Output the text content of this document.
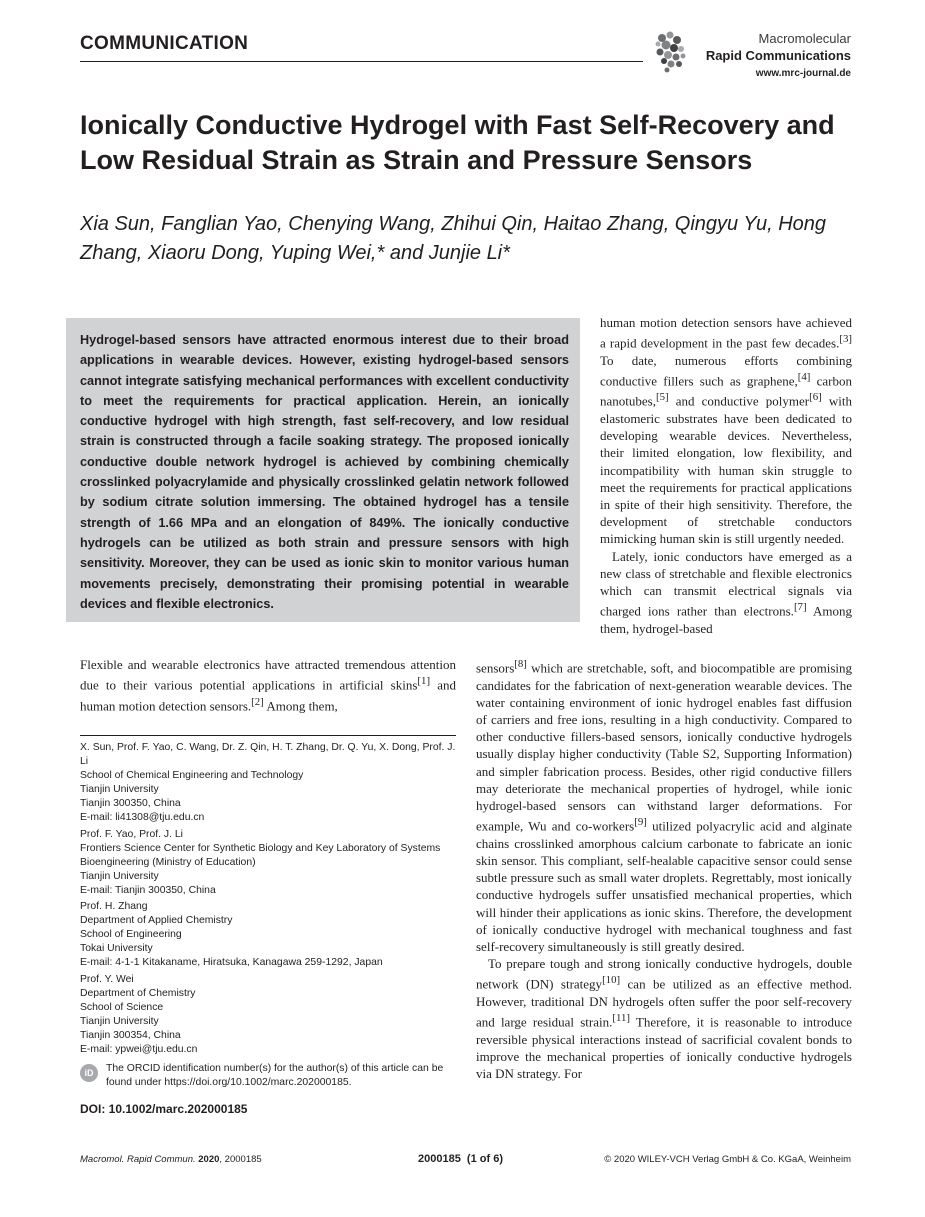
COMMUNICATION	Macromolecular
Rapid Communications
www.mrc-journal.de
Ionically Conductive Hydrogel with Fast Self-Recovery and Low Residual Strain as Strain and Pressure Sensors
Xia Sun, Fanglian Yao, Chenying Wang, Zhihui Qin, Haitao Zhang, Qingyu Yu, Hong Zhang, Xiaoru Dong, Yuping Wei,* and Junjie Li*
Hydrogel-based sensors have attracted enormous interest due to their broad applications in wearable devices. However, existing hydrogel-based sensors cannot integrate satisfying mechanical performances with excellent conductivity to meet the requirements for practical application. Herein, an ionically conductive hydrogel with high strength, fast self-recovery, and low residual strain is constructed through a facile soaking strategy. The proposed ionically conductive double network hydrogel is achieved by combining chemically crosslinked polyacrylamide and physically crosslinked gelatin network followed by sodium citrate solution immersing. The obtained hydrogel has a tensile strength of 1.66 MPa and an elongation of 849%. The ionically conductive hydrogels can be utilized as both strain and pressure sensors with high sensitivity. Moreover, they can be used as ionic skin to monitor various human movements precisely, demonstrating their promising potential in wearable devices and flexible electronics.

human motion detection sensors have achieved a rapid development in the past few decades.[3] To date, numerous efforts combining conductive fillers such as graphene,[4] carbon nanotubes,[5] and conductive polymer[6] with elastomeric substrates have been dedicated to developing wearable devices. Nevertheless, their limited elongation, low flexibility, and incompatibility with human skin struggle to meet the requirements for practical applications in spite of their high sensitivity. Therefore, the development of stretchable conductors mimicking human skin is still urgently needed.

Lately, ionic conductors have emerged as a new class of stretchable and flexible electronics which can transmit electrical signals via charged ions rather than electrons.[7] Among them, hydrogel-based

Flexible and wearable electronics have attracted tremendous attention due to their various potential applications in artificial skins[1] and human motion detection sensors.[2] Among them,

sensors[8] which are stretchable, soft, and biocompatible are promising candidates for the fabrication of next-generation wearable devices. The water containing environment of ionic hydrogel enables fast diffusion of carriers and free ions, resulting in a high conductivity. Compared to other conductive fillers-based sensors, ionically conductive hydrogels usually display higher conductivity (Table S2, Supporting Information) and simpler fabrication process. Besides, other rigid conductive fillers may deteriorate the mechanical properties of hydrogel, while ionic hydrogel-based sensors can withstand larger deformations. For example, Wu and co-workers[9] utilized polyacrylic acid and alginate chains crosslinked amorphous calcium carbonate to fabricate an ionic skin sensor. This compliant, self-healable capacitive sensor could sense subtle pressure such as small water droplets. Regrettably, most ionically conductive hydrogels suffer unsatisfied mechanical properties, which will hinder their applications as ionic skins. Therefore, the development of ionically conductive hydrogel with mechanical toughness and fast self-recovery simultaneously is still greatly desired.

To prepare tough and strong ionically conductive hydrogels, double network (DN) strategy[10] can be utilized as an effective method. However, traditional DN hydrogels often suffer the poor self-recovery and large residual strain.[11] Therefore, it is reasonable to introduce reversible physical interactions instead of sacrificial covalent bonds to improve the mechanical properties of ionically conductive hydrogels via DN strategy. For

X. Sun, Prof. F. Yao, C. Wang, Dr. Z. Qin, H. T. Zhang, Dr. Q. Yu, X. Dong, Prof. J. Li
School of Chemical Engineering and Technology
Tianjin University
Tianjin 300350, China
E-mail: li41308@tju.edu.cn
Prof. F. Yao, Prof. J. Li
Frontiers Science Center for Synthetic Biology and Key Laboratory of Systems Bioengineering (Ministry of Education)
Tianjin University
E-mail: Tianjin 300350, China
Prof. H. Zhang
Department of Applied Chemistry
School of Engineering
Tokai University
E-mail: 4-1-1 Kitakaname, Hiratsuka, Kanagawa 259-1292, Japan
Prof. Y. Wei
Department of Chemistry
School of Science
Tianjin University
Tianjin 300354, China
E-mail: ypwei@tju.edu.cn
iD	The ORCID identification number(s) for the author(s) of this article can be found under https://doi.org/10.1002/marc.202000185.
DOI: 10.1002/marc.202000185
Macromol. Rapid Commun. 2020, 2000185	2000185  (1 of 6)	© 2020 WILEY-VCH Verlag GmbH & Co. KGaA, Weinheim
